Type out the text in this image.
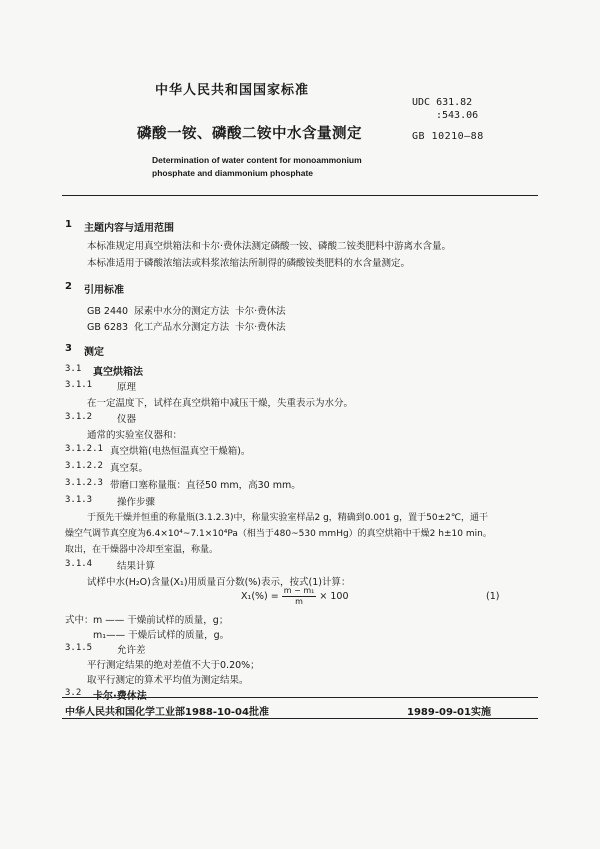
中华人民共和国国家标准
UDC 631.82
:543.06
磷酸一铵、磷酸二铵中水含量测定	GB 10210—88
Determination of water content for monoammonium
phosphate and diammonium phosphate
1 主题内容与适用范围
本标准规定用真空烘箱法和卡尔·费休法测定磷酸一铵、磷酸二铵类肥料中游离水含量。
本标准适用于磷酸浓缩法或料浆浓缩法所制得的磷酸铵类肥料的水含量测定。
2 引用标准
GB 2440  尿素中水分的测定方法  卡尔·费休法
GB 6283  化工产品水分测定方法  卡尔·费休法
3 测定
3.1 真空烘箱法
3.1.1	原理
在一定温度下，试样在真空烘箱中减压干燥，失重表示为水分。
3.1.2	仪器
通常的实验室仪器和：
3.1.2.1 真空烘箱(电热恒温真空干燥箱)。
3.1.2.2 真空泵。
3.1.2.3 带磨口塞称量瓶：直径50 mm，高30 mm。
3.1.3	操作步骤
于预先干燥并恒重的称量瓶(3.1.2.3)中，称量实验室样品2 g，精确到0.001 g，置于50±2℃，通干
燥空气调节真空度为6.4×10⁴~7.1×10⁴Pa（相当于480~530 mmHg）的真空烘箱中干燥2 h±10 min。
取出，在干燥器中冷却至室温，称量。
3.1.4	结果计算
试样中水(H₂O)含量(X₁)用质量百分数(%)表示，按式(1)计算：
$X_1(\%) = \frac{\text{m − m₁}}{m} \times 100$	(1)
式中： m —— 干燥前试样的质量，g；
m₁—— 干燥后试样的质量，g。
3.1.5	允许差
平行测定结果的绝对差值不大于0.20%；
取平行测定的算术平均值为测定结果。
3.2 卡尔·费休法
中华人民共和国化学工业部1988-10-04批准	1989-09-01实施
